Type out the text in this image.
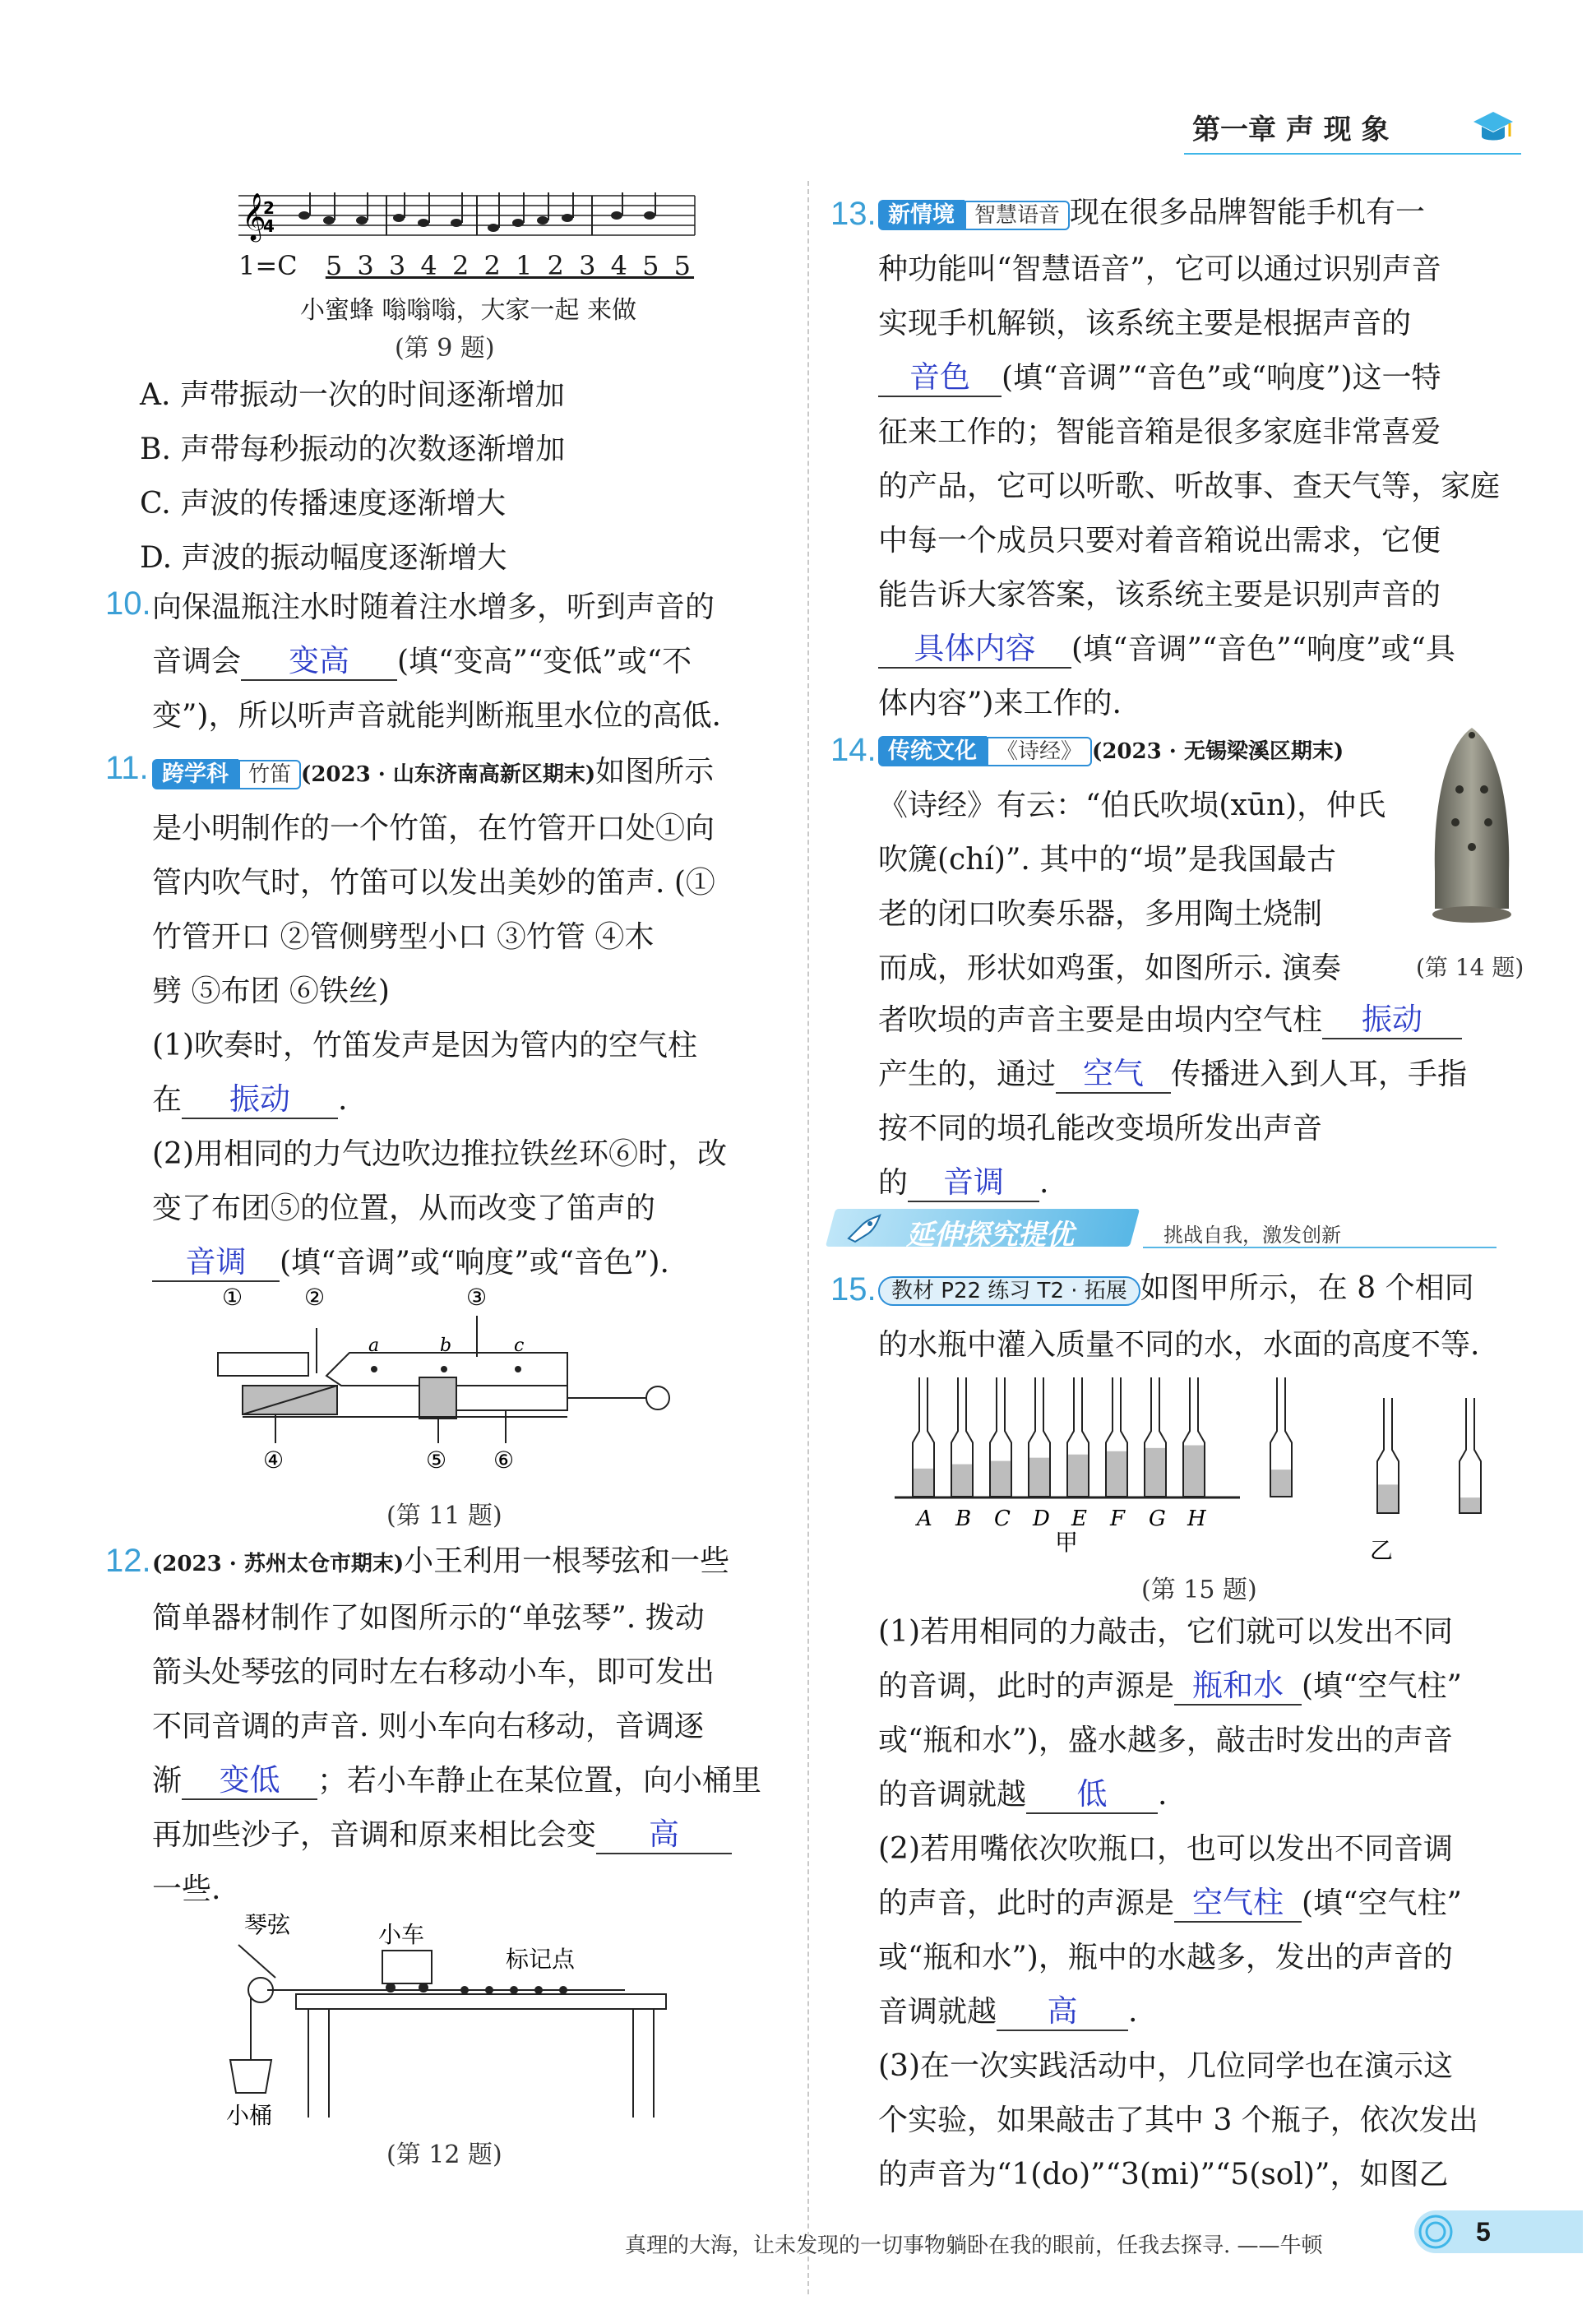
第一章 声 现 象
𝄞
2
4
1=C 5 3 3 4 2 2 1 2 3 4 5 5
小蜜蜂 嗡嗡嗡，大家一起 来做
(第 9 题)
A. 声带振动一次的时间逐渐增加
B. 声带每秒振动的次数逐渐增加
C. 声波的传播速度逐渐增大
D. 声波的振动幅度逐渐增大
10. 向保温瓶注水时随着注水增多，听到声音的
音调会 变高 (填“变高”“变低”或“不
变”)，所以听声音就能判断瓶里水位的高低.
11. 跨学科 竹笛 (2023 · 山东济南高新区期末)如图所示
是小明制作的一个竹笛，在竹管开口处①向
管内吹气时，竹笛可以发出美妙的笛声. (①
竹管开口 ②管侧劈型小口 ③竹管 ④木
劈 ⑤布团 ⑥铁丝)
(1)吹奏时，竹笛发声是因为管内的空气柱
在 振动 .
(2)用相同的力气边吹边推拉铁丝环⑥时，改
变了布团⑤的位置，从而改变了笛声的
音调 (填“音调”或“响度”或“音色”).
①	②	③
④	⑤ ⑥
a	b	c
(第 11 题)
12. (2023 · 苏州太仓市期末)小王利用一根琴弦和一些
简单器材制作了如图所示的“单弦琴”. 拨动
箭头处琴弦的同时左右移动小车，即可发出
不同音调的声音. 则小车向右移动，音调逐
渐 变低 ；若小车静止在某位置，向小桶里
再加些沙子，音调和原来相比会变 高
一些.
琴弦	小车
标记点
小桶
(第 12 题)
13. 新情境 智慧语音 现在很多品牌智能手机有一
种功能叫“智慧语音”，它可以通过识别声音
实现手机解锁，该系统主要是根据声音的
音色 (填“音调”“音色”或“响度”)这一特
征来工作的；智能音箱是很多家庭非常喜爱
的产品，它可以听歌、听故事、查天气等，家庭
中每一个成员只要对着音箱说出需求，它便
能告诉大家答案，该系统主要是识别声音的
具体内容 (填“音调”“音色”“响度”或“具
体内容”)来工作的.
14. 传统文化 《诗经》 (2023 · 无锡梁溪区期末)
《诗经》有云：“伯氏吹埙(xūn)，仲氏
吹篪(chí)”. 其中的“埙”是我国最古
老的闭口吹奏乐器，多用陶土烧制
而成，形状如鸡蛋，如图所示. 演奏
者吹埙的声音主要是由埙内空气柱 振动
产生的，通过 空气 传播进入到人耳，手指
按不同的埙孔能改变埙所发出声音
的 音调 .
(第 14 题)
延伸探究提优	挑战自我，激发创新
15. 教材 P22 练习 T2 · 拓展 如图甲所示，在 8 个相同
的水瓶中灌入质量不同的水，水面的高度不等.
A B C D E F G H
甲	乙
(第 15 题)
(1)若用相同的力敲击，它们就可以发出不同
的音调，此时的声源是 瓶和水 (填“空气柱”
或“瓶和水”)，盛水越多，敲击时发出的声音
的音调就越 低 .
(2)若用嘴依次吹瓶口，也可以发出不同音调
的声音，此时的声源是 空气柱 (填“空气柱”
或“瓶和水”)，瓶中的水越多，发出的声音的
音调就越 高 .
(3)在一次实践活动中，几位同学也在演示这
个实验，如果敲击了其中 3 个瓶子，依次发出
的声音为“1(do)”“3(mi)”“5(sol)”，如图乙
真理的大海，让未发现的一切事物躺卧在我的眼前，任我去探寻. ——牛顿	5
